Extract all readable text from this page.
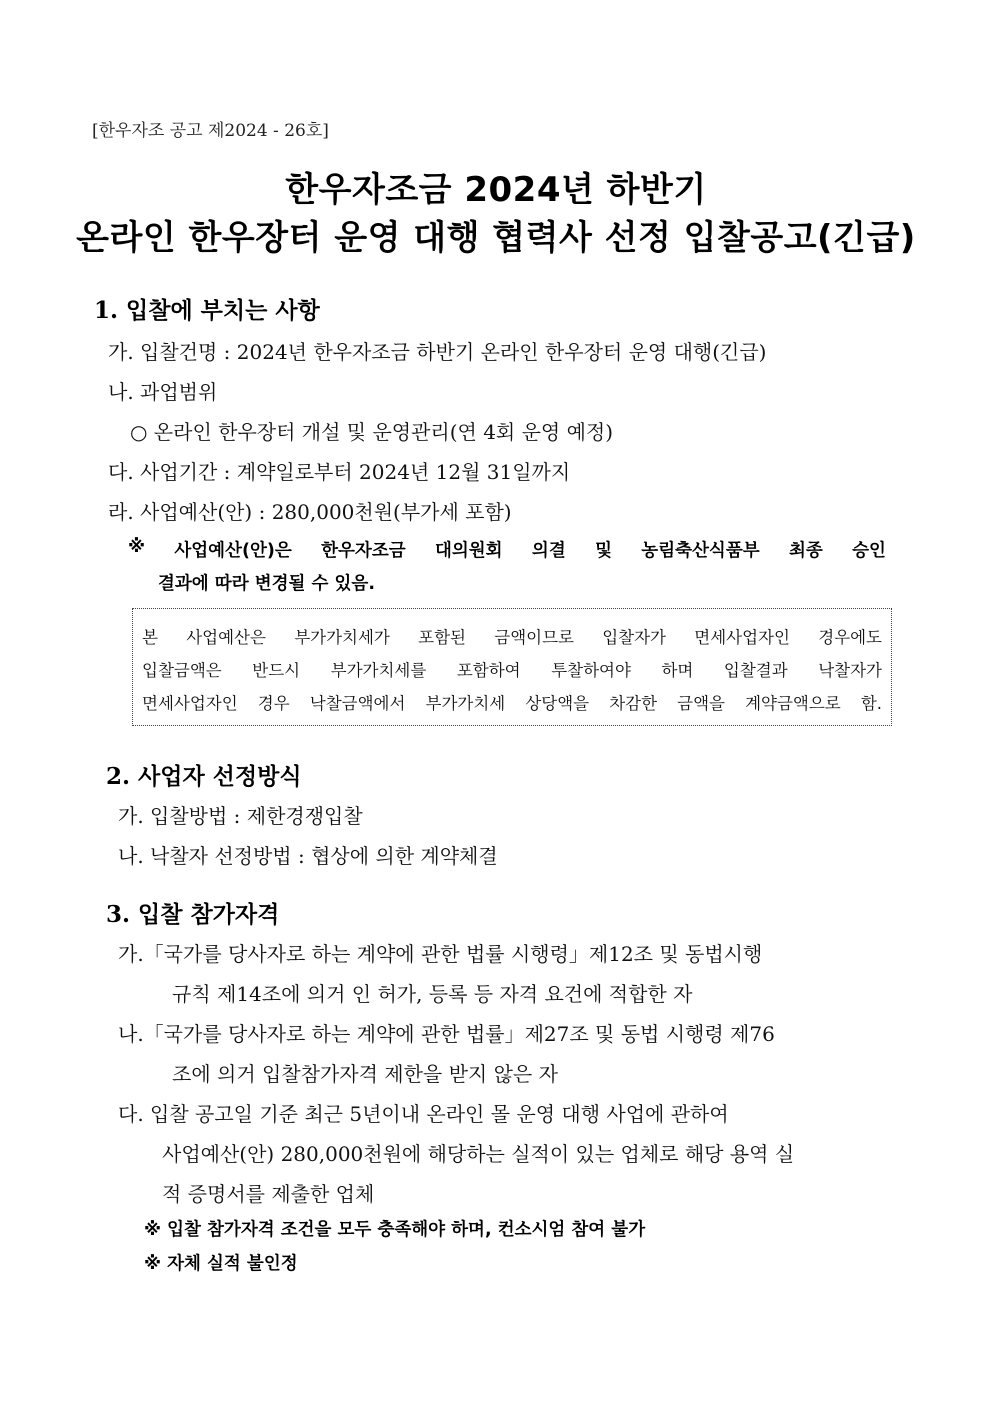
[한우자조 공고 제2024 - 26호]
한우자조금 2024년 하반기
온라인 한우장터 운영 대행 협력사 선정 입찰공고(긴급)
1. 입찰에 부치는 사항
가. 입찰건명 : 2024년 한우자조금 하반기 온라인 한우장터 운영 대행(긴급)
나. 과업범위
○ 온라인 한우장터 개설 및 운영관리(연 4회 운영 예정)
다. 사업기간 : 계약일로부터 2024년 12월 31일까지
라. 사업예산(안) : 280,000천원(부가세 포함)
※ 사업예산(안)은 한우자조금 대의원회 의결 및 농림축산식품부 최종 승인
결과에 따라 변경될 수 있음.
본 사업예산은 부가가치세가 포함된 금액이므로 입찰자가 면세사업자인 경우에도
입찰금액은 반드시 부가가치세를 포함하여 투찰하여야 하며 입찰결과 낙찰자가
면세사업자인 경우 낙찰금액에서 부가가치세 상당액을 차감한 금액을 계약금액으로 함.
2. 사업자 선정방식
가. 입찰방법 : 제한경쟁입찰
나. 낙찰자 선정방법 : 협상에 의한 계약체결
3. 입찰 참가자격
가.「국가를 당사자로 하는 계약에 관한 법률 시행령」제12조 및 동법시행
규칙 제14조에 의거 인 허가, 등록 등 자격 요건에 적합한 자
나.「국가를 당사자로 하는 계약에 관한 법률」제27조 및 동법 시행령 제76
조에 의거 입찰참가자격 제한을 받지 않은 자
다. 입찰 공고일 기준 최근 5년이내 온라인 몰 운영 대행 사업에 관하여
사업예산(안) 280,000천원에 해당하는 실적이 있는 업체로 해당 용역 실
적 증명서를 제출한 업체
※ 입찰 참가자격 조건을 모두 충족해야 하며, 컨소시엄 참여 불가
※ 자체 실적 불인정
